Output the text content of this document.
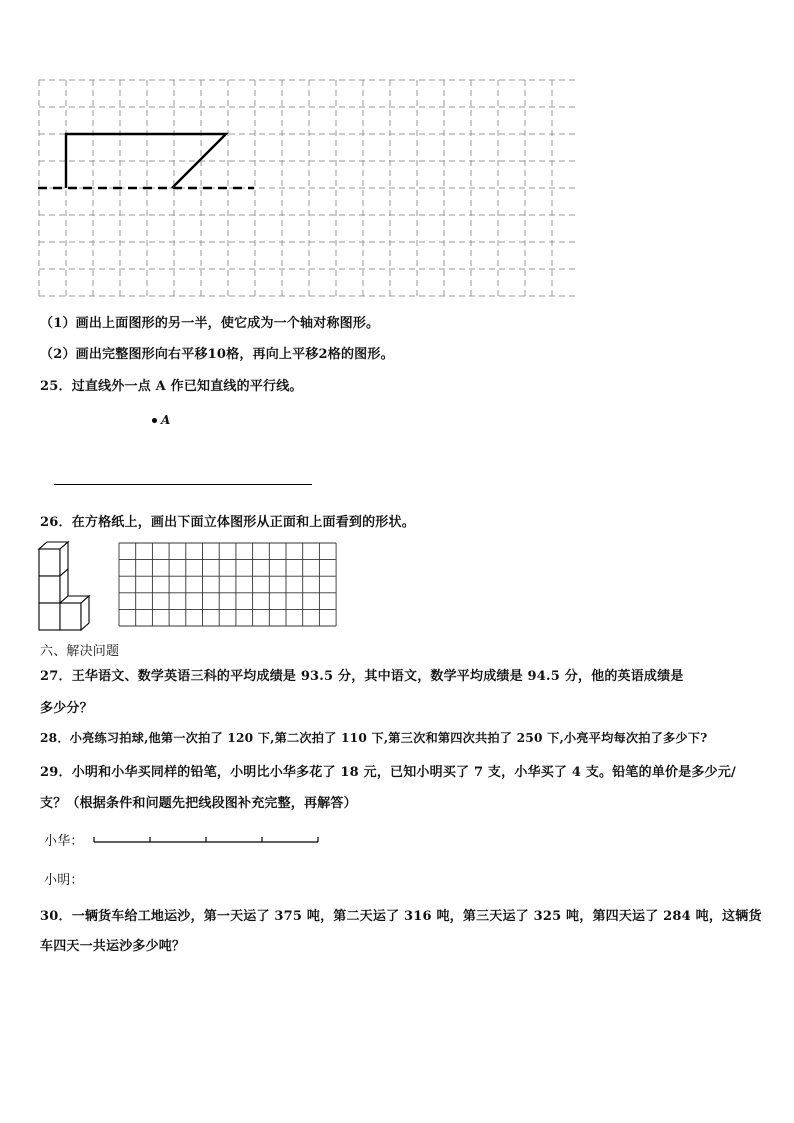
（1）画出上面图形的另一半，使它成为一个轴对称图形。
（2）画出完整图形向右平移10格，再向上平移2格的图形。
25．过直线外一点 A 作已知直线的平行线。
A
26．在方格纸上，画出下面立体图形从正面和上面看到的形状。
六、解决问题
27．王华语文、数学英语三科的平均成绩是 93.5 分，其中语文，数学平均成绩是 94.5 分，他的英语成绩是
多少分？
28．小亮练习拍球,他第一次拍了 120 下,第二次拍了 110 下,第三次和第四次共拍了 250 下,小亮平均每次拍了多少下?
29．小明和小华买同样的铅笔，小明比小华多花了 18 元，已知小明买了 7 支，小华买了 4 支。铅笔的单价是多少元/
支？（根据条件和问题先把线段图补充完整，再解答）
小华：
小明：
30．一辆货车给工地运沙，第一天运了 375 吨，第二天运了 316 吨，第三天运了 325 吨，第四天运了 284 吨，这辆货
车四天一共运沙多少吨？
